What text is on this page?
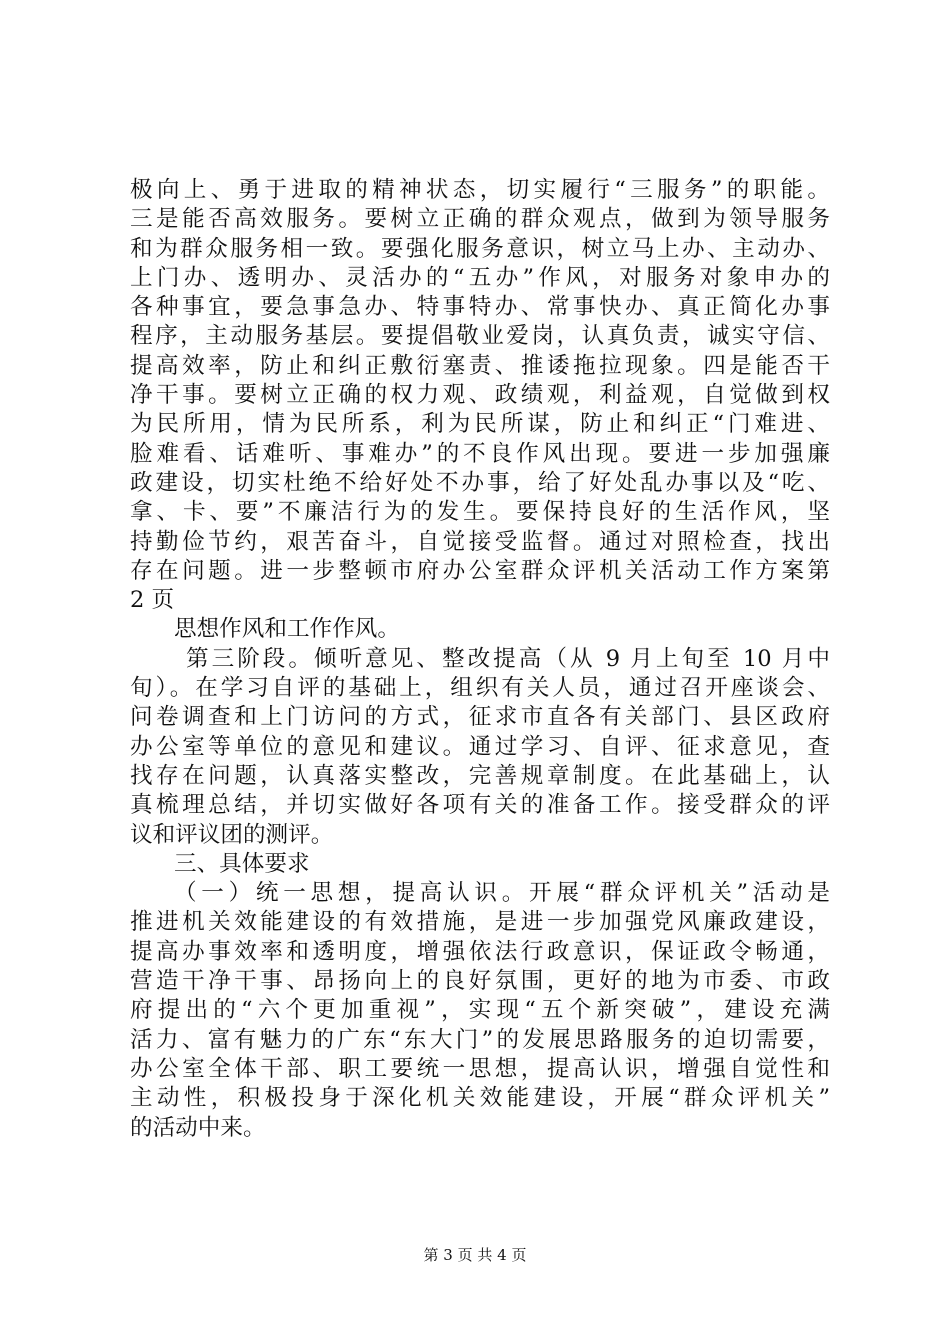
极向上、勇于进取的精神状态，切实履行“三服务”的职能。
三是能否高效服务。要树立正确的群众观点，做到为领导服务
和为群众服务相一致。要强化服务意识，树立马上办、主动办、
上门办、透明办、灵活办的“五办”作风，对服务对象申办的
各种事宜，要急事急办、特事特办、常事快办、真正简化办事
程序，主动服务基层。要提倡敬业爱岗，认真负责，诚实守信、
提高效率，防止和纠正敷衍塞责、推诿拖拉现象。四是能否干
净干事。要树立正确的权力观、政绩观，利益观，自觉做到权
为民所用，情为民所系，利为民所谋，防止和纠正“门难进、
脸难看、话难听、事难办”的不良作风出现。要进一步加强廉
政建设，切实杜绝不给好处不办事，给了好处乱办事以及“吃、
拿、卡、要”不廉洁行为的发生。要保持良好的生活作风，坚
持勤俭节约，艰苦奋斗，自觉接受监督。通过对照检查，找出
存在问题。进一步整顿市府办公室群众评机关活动工作方案第
2 页
思想作风和工作作风。
第三阶段。倾听意见、整改提高（从 9 月上旬至 10 月中
旬）。在学习自评的基础上，组织有关人员，通过召开座谈会、
问卷调查和上门访问的方式，征求市直各有关部门、县区政府
办公室等单位的意见和建议。通过学习、自评、征求意见，查
找存在问题，认真落实整改，完善规章制度。在此基础上，认
真梳理总结，并切实做好各项有关的准备工作。接受群众的评
议和评议团的测评。
三、具体要求
（一）统一思想，提高认识。开展“群众评机关”活动是
推进机关效能建设的有效措施，是进一步加强党风廉政建设，
提高办事效率和透明度，增强依法行政意识，保证政令畅通，
营造干净干事、昂扬向上的良好氛围，更好的地为市委、市政
府提出的“六个更加重视”，实现“五个新突破”，建设充满
活力、富有魅力的广东“东大门”的发展思路服务的迫切需要，
办公室全体干部、职工要统一思想，提高认识，增强自觉性和
主动性，积极投身于深化机关效能建设，开展“群众评机关”
的活动中来。
第 3 页 共 4 页
